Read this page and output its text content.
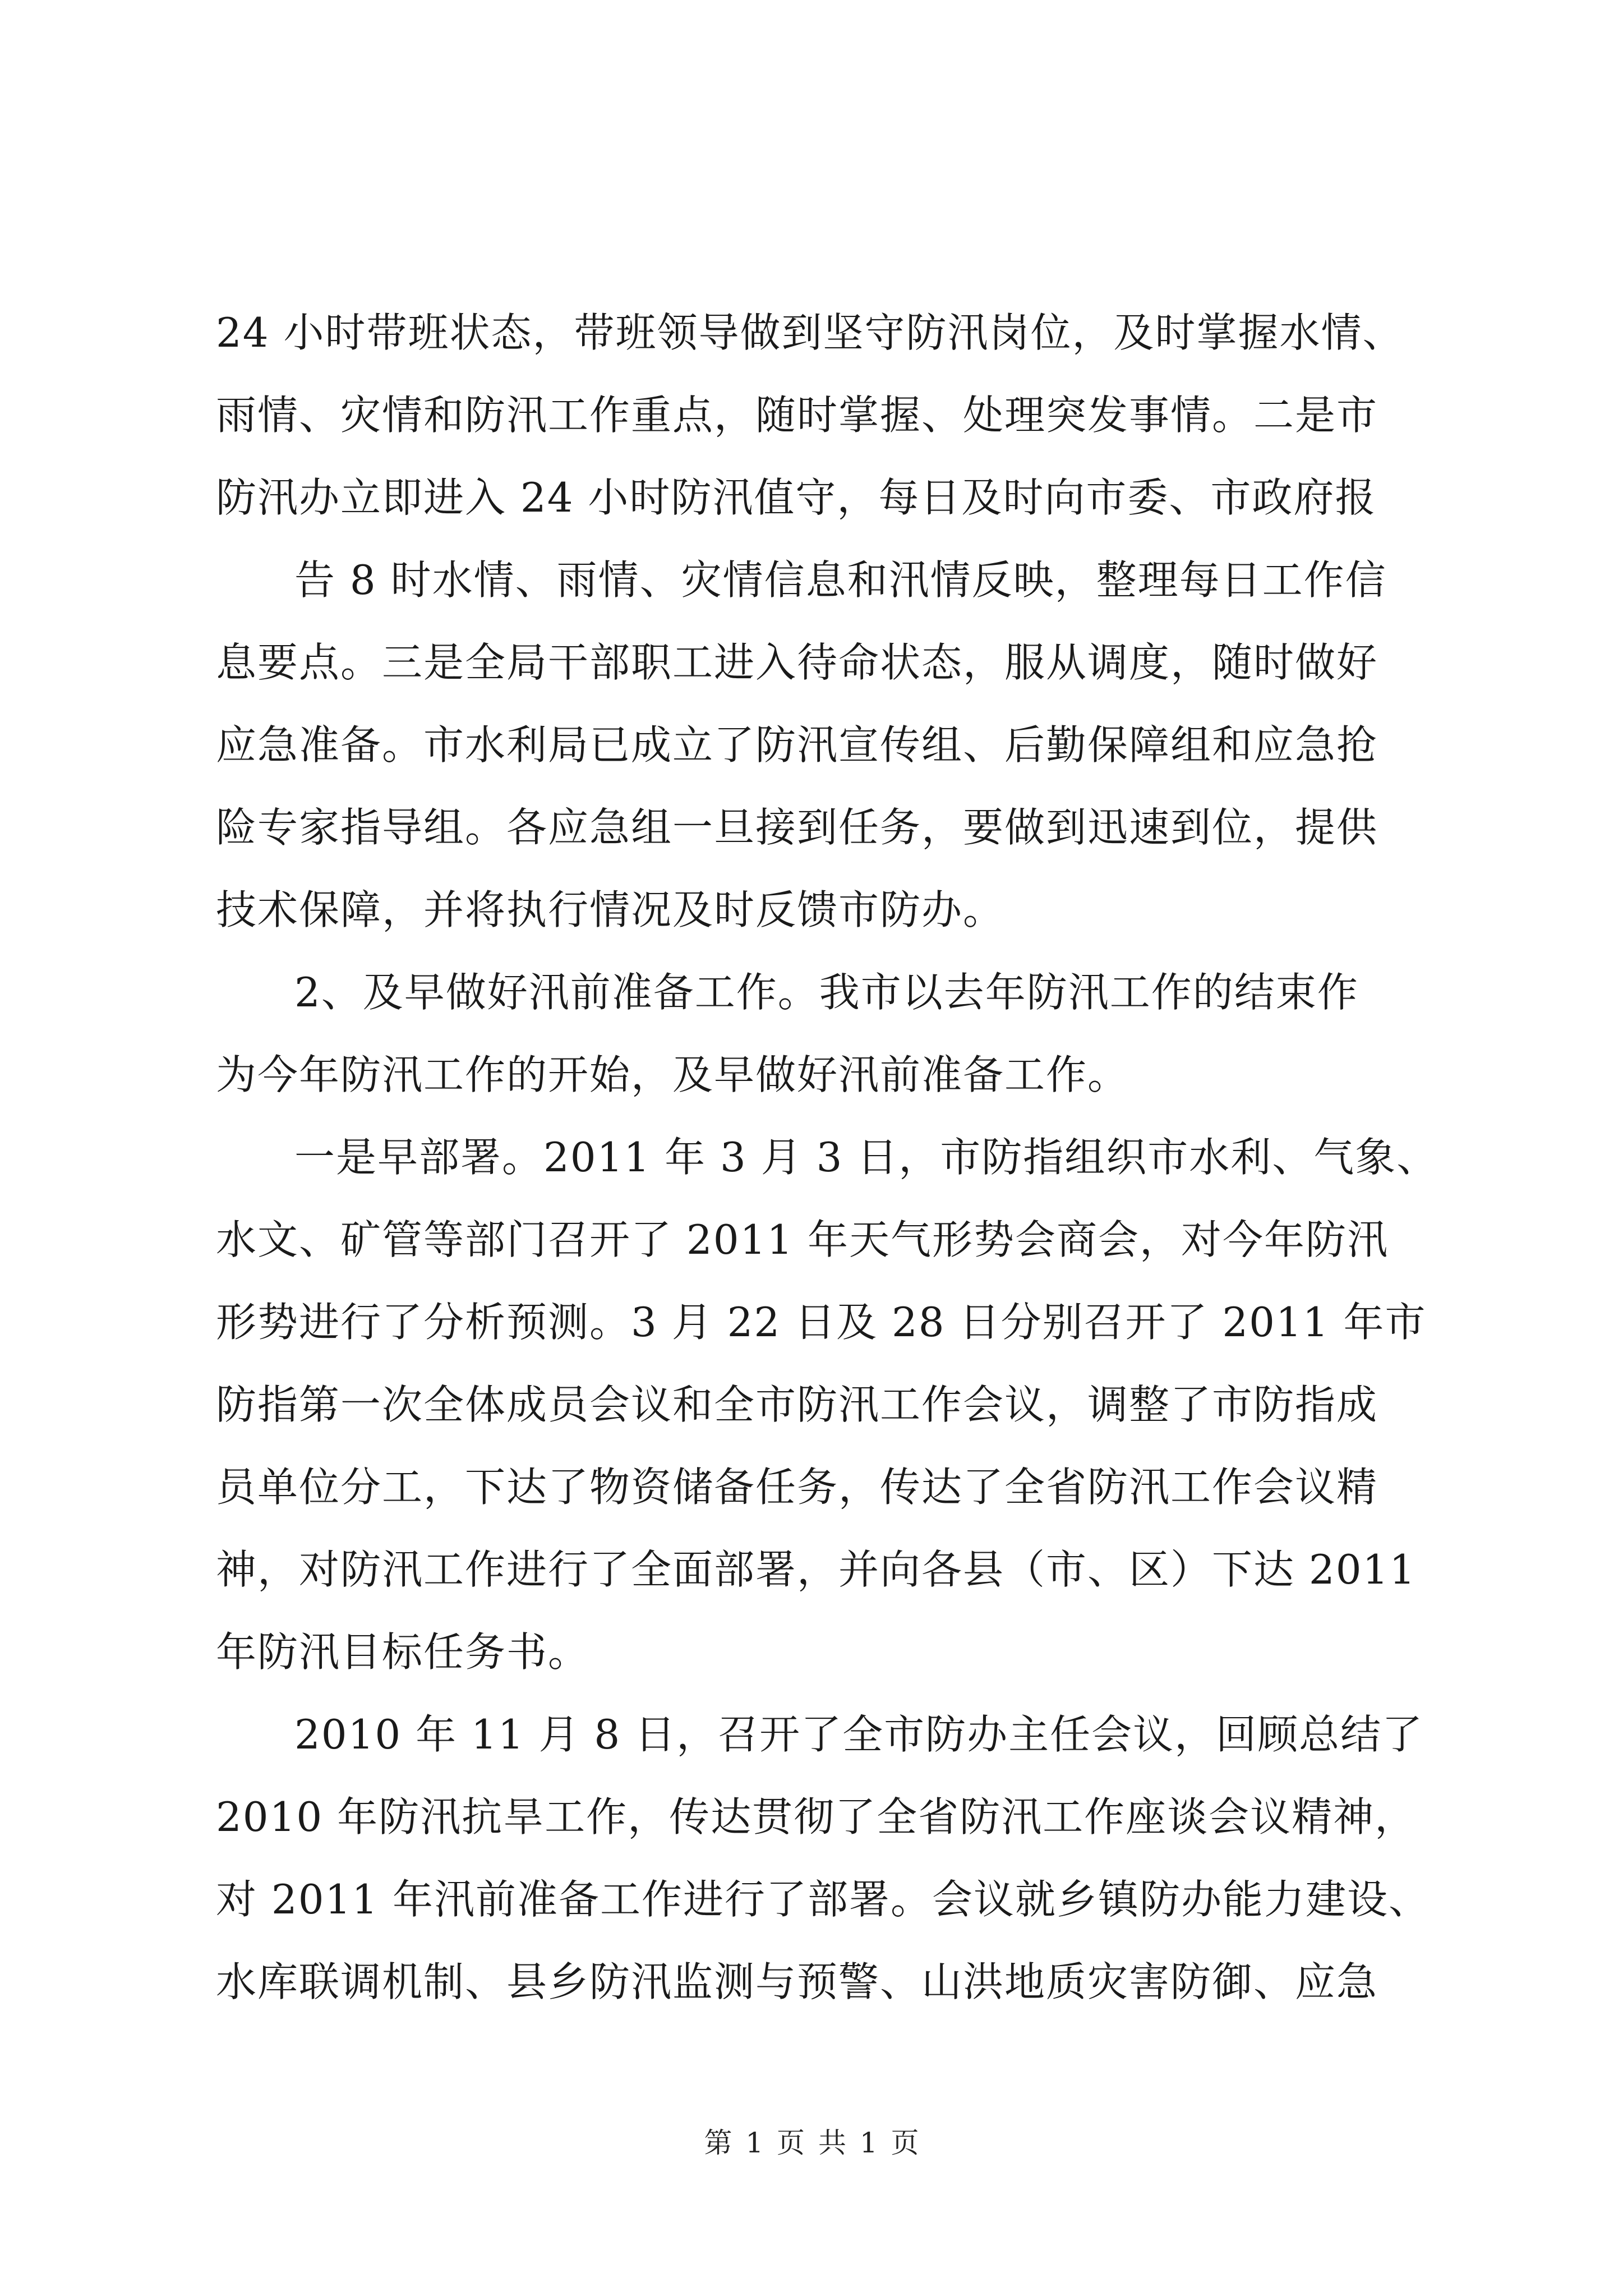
24 小时带班状态，带班领导做到坚守防汛岗位，及时掌握水情、
雨情、灾情和防汛工作重点，随时掌握、处理突发事情。二是市
防汛办立即进入 24 小时防汛值守，每日及时向市委、市政府报
告 8 时水情、雨情、灾情信息和汛情反映，整理每日工作信
息要点。三是全局干部职工进入待命状态，服从调度，随时做好
应急准备。市水利局已成立了防汛宣传组、后勤保障组和应急抢
险专家指导组。各应急组一旦接到任务，要做到迅速到位，提供
技术保障，并将执行情况及时反馈市防办。
2、及早做好汛前准备工作。我市以去年防汛工作的结束作
为今年防汛工作的开始，及早做好汛前准备工作。
一是早部署。2011 年 3 月 3 日，市防指组织市水利、气象、
水文、矿管等部门召开了 2011 年天气形势会商会，对今年防汛
形势进行了分析预测。3 月 22 日及 28 日分别召开了 2011 年市
防指第一次全体成员会议和全市防汛工作会议，调整了市防指成
员单位分工，下达了物资储备任务，传达了全省防汛工作会议精
神，对防汛工作进行了全面部署，并向各县（市、区）下达 2011
年防汛目标任务书。
2010 年 11 月 8 日，召开了全市防办主任会议，回顾总结了
2010 年防汛抗旱工作，传达贯彻了全省防汛工作座谈会议精神，
对 2011 年汛前准备工作进行了部署。会议就乡镇防办能力建设、
水库联调机制、县乡防汛监测与预警、山洪地质灾害防御、应急
第 1 页 共 1 页
